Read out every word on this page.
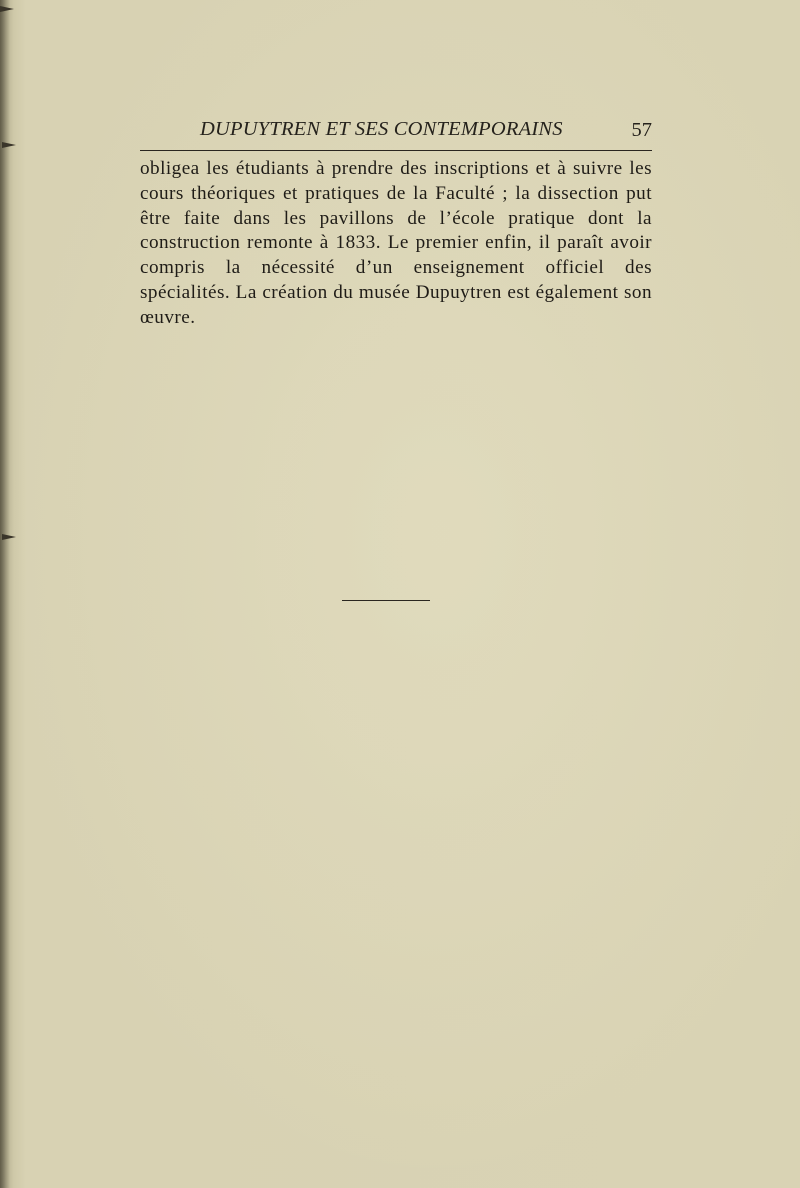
DUPUYTREN ET SES CONTEMPORAINS	57

obligea les étudiants à prendre des inscriptions et à suivre les cours théoriques et pratiques de la Faculté ; la dissection put être faite dans les pavillons de l’école pratique dont la construction remonte à 1833. Le premier enfin, il paraît avoir compris la nécessité d’un enseignement officiel des spécialités. La création du musée Dupuytren est également son œuvre.
